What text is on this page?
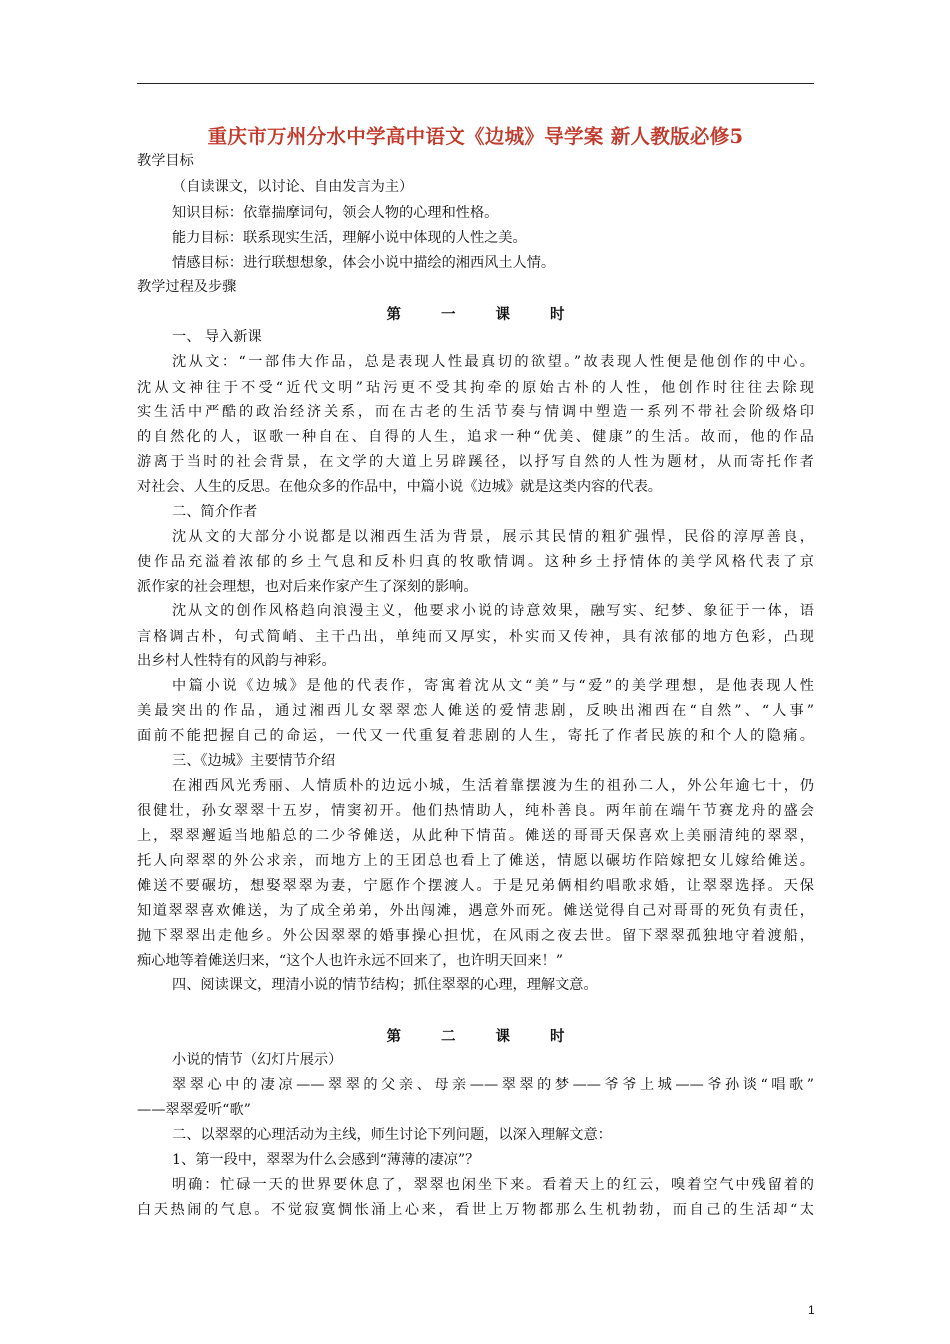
重庆市万州分水中学高中语文《边城》导学案 新人教版必修5
教学目标
（自读课文，以讨论、自由发言为主）
知识目标：依靠揣摩词句，领会人物的心理和性格。
能力目标：联系现实生活，理解小说中体现的人性之美。
情感目标：进行联想想象，体会小说中描绘的湘西风土人情。
教学过程及步骤
第一课时
一、 导入新课
沈从文：“一部伟大作品，总是表现人性最真切的欲望。”故表现人性便是他创作的中心。
沈从文神往于不受“近代文明”玷污更不受其拘牵的原始古朴的人性，他创作时往往去除现
实生活中严酷的政治经济关系，而在古老的生活节奏与情调中塑造一系列不带社会阶级烙印
的自然化的人，讴歌一种自在、自得的人生，追求一种“优美、健康”的生活。故而，他的作品
游离于当时的社会背景，在文学的大道上另辟蹊径，以抒写自然的人性为题材，从而寄托作者
对社会、人生的反思。在他众多的作品中，中篇小说《边城》就是这类内容的代表。
二、简介作者
沈从文的大部分小说都是以湘西生活为背景，展示其民情的粗犷强悍，民俗的淳厚善良，
使作品充溢着浓郁的乡土气息和反朴归真的牧歌情调。这种乡土抒情体的美学风格代表了京
派作家的社会理想，也对后来作家产生了深刻的影响。
沈从文的创作风格趋向浪漫主义，他要求小说的诗意效果，融写实、纪梦、象征于一体，语
言格调古朴，句式简峭、主干凸出，单纯而又厚实，朴实而又传神，具有浓郁的地方色彩，凸现
出乡村人性特有的风韵与神彩。
中篇小说《边城》是他的代表作，寄寓着沈从文“美”与“爱”的美学理想，是他表现人性
美最突出的作品，通过湘西儿女翠翠恋人傩送的爱情悲剧，反映出湘西在“自然”、“人事”
面前不能把握自己的命运，一代又一代重复着悲剧的人生，寄托了作者民族的和个人的隐痛。
三、《边城》主要情节介绍
在湘西风光秀丽、人情质朴的边远小城，生活着靠摆渡为生的祖孙二人，外公年逾七十，仍
很健壮，孙女翠翠十五岁，情窦初开。他们热情助人，纯朴善良。两年前在端午节赛龙舟的盛会
上，翠翠邂逅当地船总的二少爷傩送，从此种下情苗。傩送的哥哥天保喜欢上美丽清纯的翠翠，
托人向翠翠的外公求亲，而地方上的王团总也看上了傩送，情愿以碾坊作陪嫁把女儿嫁给傩送。
傩送不要碾坊，想娶翠翠为妻，宁愿作个摆渡人。于是兄弟俩相约唱歌求婚，让翠翠选择。天保
知道翠翠喜欢傩送，为了成全弟弟，外出闯滩，遇意外而死。傩送觉得自己对哥哥的死负有责任，
抛下翠翠出走他乡。外公因翠翠的婚事操心担忧，在风雨之夜去世。留下翠翠孤独地守着渡船，
痴心地等着傩送归来，“这个人也许永远不回来了，也许明天回来！”
四、阅读课文，理清小说的情节结构；抓住翠翠的心理，理解文意。
第二课时
小说的情节（幻灯片展示）
翠翠心中的凄凉——翠翠的父亲、母亲——翠翠的梦——爷爷上城——爷孙谈“唱歌”
——翠翠爱听“歌”
二、以翠翠的心理活动为主线，师生讨论下列问题，以深入理解文意：
1、第一段中，翠翠为什么会感到“薄薄的凄凉”？
明确：忙碌一天的世界要休息了，翠翠也闲坐下来。看着天上的红云，嗅着空气中残留着的
白天热闹的气息。不觉寂寞惆怅涌上心来，看世上万物都那么生机勃勃，而自己的生活却“太
1
